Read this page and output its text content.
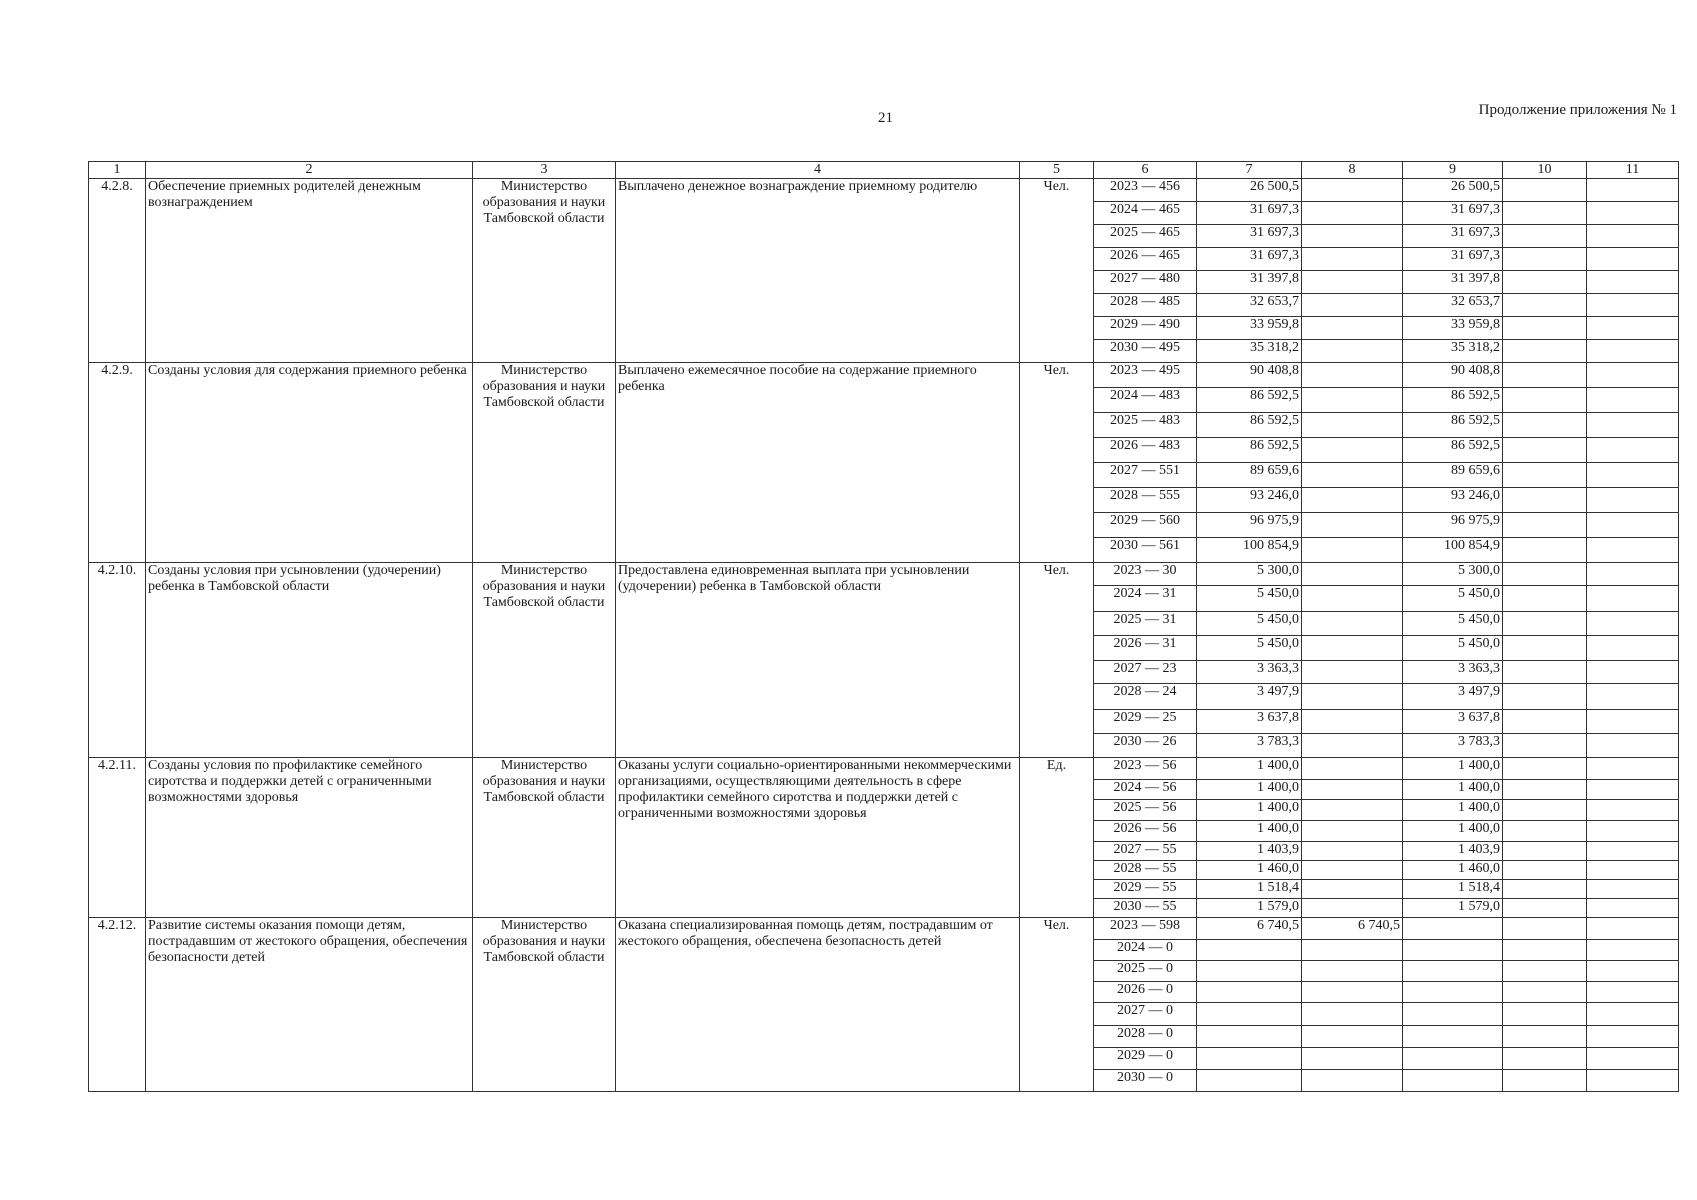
21	Продолжение приложения № 1
1	2	3	4	5	6	7	8	9	10	11
4.2.8.	Обеспечение приемных родителей денежным вознаграждением	Министерство образования и науки Тамбовской области	Выплачено денежное вознаграждение приемному родителю	Чел.	2023 — 456	26 500,5		26 500,5		
					2024 — 465	31 697,3		31 697,3		
					2025 — 465	31 697,3		31 697,3		
					2026 — 465	31 697,3		31 697,3		
					2027 — 480	31 397,8		31 397,8		
					2028 — 485	32 653,7		32 653,7		
					2029 — 490	33 959,8		33 959,8		
					2030 — 495	35 318,2		35 318,2		
4.2.9.	Созданы условия для содержания приемного ребенка	Министерство образования и науки Тамбовской области	Выплачено ежемесячное пособие на содержание приемного ребенка	Чел.	2023 — 495	90 408,8		90 408,8		
					2024 — 483	86 592,5		86 592,5		
					2025 — 483	86 592,5		86 592,5		
					2026 — 483	86 592,5		86 592,5		
					2027 — 551	89 659,6		89 659,6		
					2028 — 555	93 246,0		93 246,0		
					2029 — 560	96 975,9		96 975,9		
					2030 — 561	100 854,9		100 854,9		
4.2.10.	Созданы условия при усыновлении (удочерении) ребенка в Тамбовской области	Министерство образования и науки Тамбовской области	Предоставлена единовременная выплата при усыновлении (удочерении) ребенка в Тамбовской области	Чел.	2023 — 30	5 300,0		5 300,0		
					2024 — 31	5 450,0		5 450,0		
					2025 — 31	5 450,0		5 450,0		
					2026 — 31	5 450,0		5 450,0		
					2027 — 23	3 363,3		3 363,3		
					2028 — 24	3 497,9		3 497,9		
					2029 — 25	3 637,8		3 637,8		
					2030 — 26	3 783,3		3 783,3		
4.2.11.	Созданы условия по профилактике семейного сиротства и поддержки детей с ограниченными возможностями здоровья	Министерство образования и науки Тамбовской области	Оказаны услуги социально-ориентированными некоммерческими организациями, осуществляющими деятельность в сфере профилактики семейного сиротства и поддержки детей с ограниченными возможностями здоровья	Ед.	2023 — 56	1 400,0		1 400,0		
					2024 — 56	1 400,0		1 400,0		
					2025 — 56	1 400,0		1 400,0		
					2026 — 56	1 400,0		1 400,0		
					2027 — 55	1 403,9		1 403,9		
					2028 — 55	1 460,0		1 460,0		
					2029 — 55	1 518,4		1 518,4		
					2030 — 55	1 579,0		1 579,0		
4.2.12.	Развитие системы оказания помощи детям, пострадавшим от жестокого обращения, обеспечения безопасности детей	Министерство образования и науки Тамбовской области	Оказана специализированная помощь детям, пострадавшим от жестокого обращения, обеспечена безопасность детей	Чел.	2023 — 598	6 740,5	6 740,5			
					2024 — 0					
					2025 — 0					
					2026 — 0					
					2027 — 0					
					2028 — 0					
					2029 — 0					
					2030 — 0					
